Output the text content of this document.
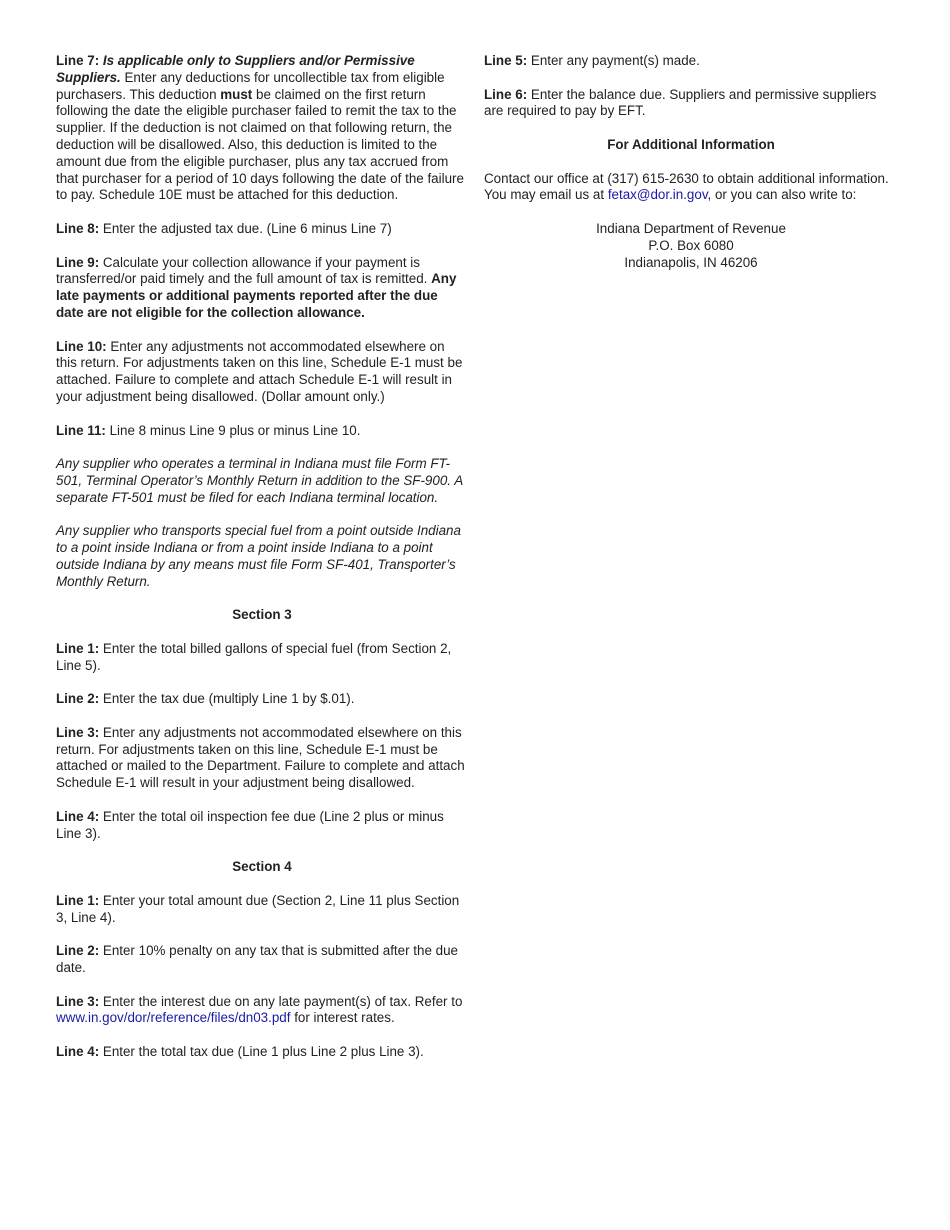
Line 7: Is applicable only to Suppliers and/or Permissive Suppliers. Enter any deductions for uncollectible tax from eligible purchasers. This deduction must be claimed on the first return following the date the eligible purchaser failed to remit the tax to the supplier. If the deduction is not claimed on that following return, the deduction will be disallowed. Also, this deduction is limited to the amount due from the eligible purchaser, plus any tax accrued from that purchaser for a period of 10 days following the date of the failure to pay. Schedule 10E must be attached for this deduction.

Line 8: Enter the adjusted tax due. (Line 6 minus Line 7)

Line 9: Calculate your collection allowance if your payment is transferred/or paid timely and the full amount of tax is remitted. Any late payments or additional payments reported after the due date are not eligible for the collection allowance.

Line 10: Enter any adjustments not accommodated elsewhere on this return. For adjustments taken on this line, Schedule E-1 must be attached. Failure to complete and attach Schedule E-1 will result in your adjustment being disallowed. (Dollar amount only.)

Line 11: Line 8 minus Line 9 plus or minus Line 10.

Any supplier who operates a terminal in Indiana must file Form FT-501, Terminal Operator’s Monthly Return in addition to the SF-900. A separate FT-501 must be filed for each Indiana terminal location.

Any supplier who transports special fuel from a point outside Indiana to a point inside Indiana or from a point inside Indiana to a point outside Indiana by any means must file Form SF-401, Transporter’s Monthly Return.

Section 3

Line 1: Enter the total billed gallons of special fuel (from Section 2, Line 5).

Line 2: Enter the tax due (multiply Line 1 by $.01).

Line 3: Enter any adjustments not accommodated elsewhere on this return. For adjustments taken on this line, Schedule E-1 must be attached or mailed to the Department. Failure to complete and attach Schedule E-1 will result in your adjustment being disallowed.

Line 4: Enter the total oil inspection fee due (Line 2 plus or minus Line 3).

Section 4

Line 1: Enter your total amount due (Section 2, Line 11 plus Section 3, Line 4).

Line 2: Enter 10% penalty on any tax that is submitted after the due date.

Line 3: Enter the interest due on any late payment(s) of tax. Refer to www.in.gov/dor/reference/files/dn03.pdf for interest rates.

Line 4: Enter the total tax due (Line 1 plus Line 2 plus Line 3).

Line 5: Enter any payment(s) made.

Line 6: Enter the balance due. Suppliers and permissive suppliers are required to pay by EFT.

For Additional Information

Contact our office at (317) 615-2630 to obtain additional information. You may email us at fetax@dor.in.gov, or you can also write to:

Indiana Department of Revenue
P.O. Box 6080
Indianapolis, IN 46206
